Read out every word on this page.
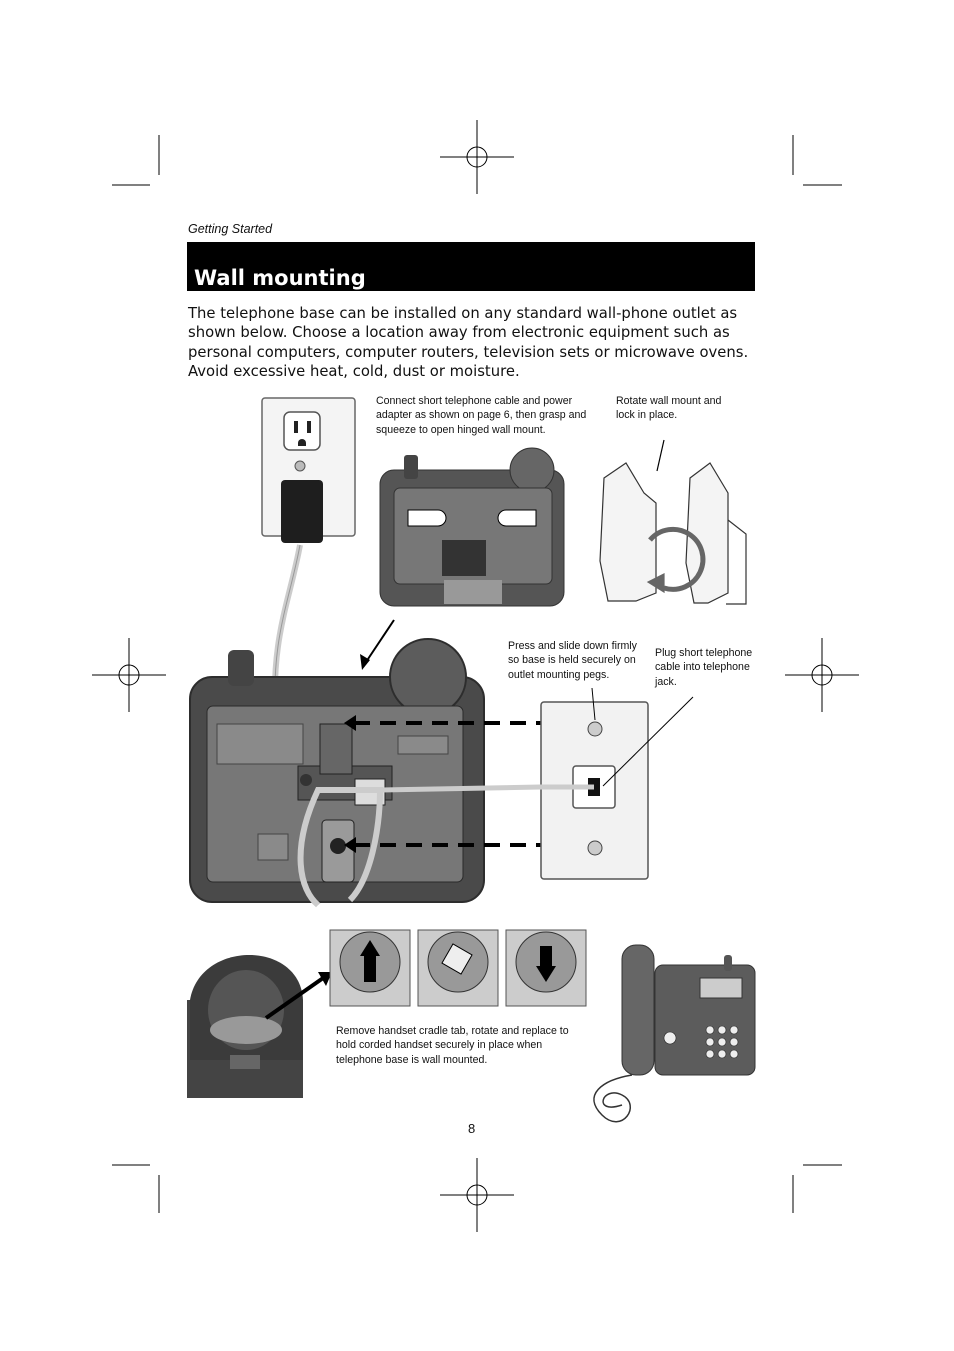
Getting Started
Wall mounting
The telephone base can be installed on any standard wall-phone outlet as shown below. Choose a location away from electronic equipment such as personal computers, computer routers, television sets or microwave ovens. Avoid excessive heat, cold, dust or moisture.
Connect short telephone cable and power adapter as shown on page 6, then grasp and squeeze to open hinged wall mount.
Rotate wall mount and lock in place.
Press and slide down firmly so base is held securely on outlet mounting pegs.
Plug short telephone cable into telephone jack.
Remove handset cradle tab, rotate and replace to hold corded handset securely in place when telephone base is wall mounted.
8
